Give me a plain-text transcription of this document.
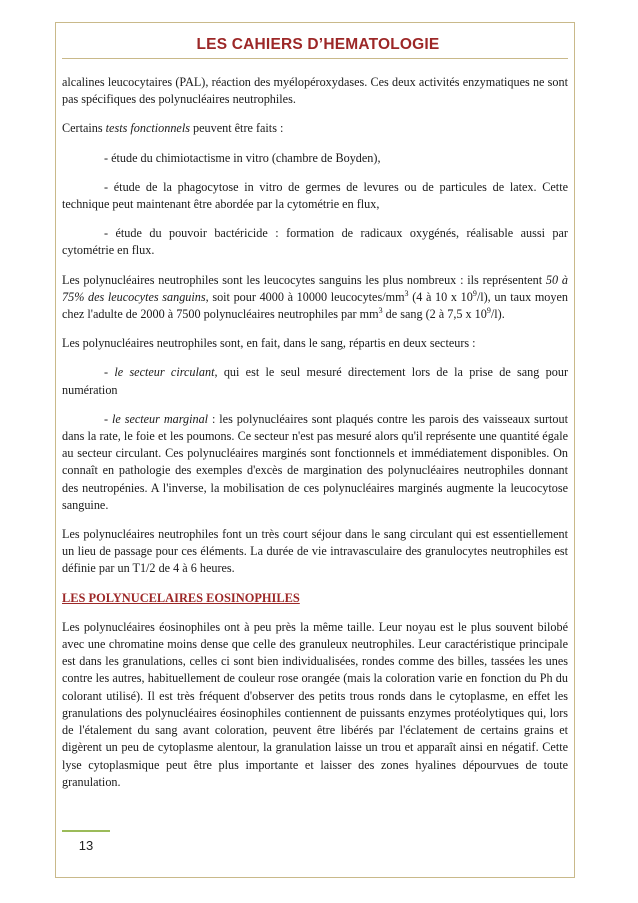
LES CAHIERS D’HEMATOLOGIE

alcalines leucocytaires (PAL), réaction des myélopéroxydases. Ces deux activités enzymatiques ne sont pas spécifiques des polynucléaires neutrophiles.

Certains tests fonctionnels peuvent être faits :

- étude du chimiotactisme in vitro (chambre de Boyden),

- étude de la phagocytose in vitro de germes de levures ou de particules de latex. Cette technique peut maintenant être abordée par la cytométrie en flux,

- étude du pouvoir bactéricide : formation de radicaux oxygénés, réalisable aussi par cytométrie en flux.

Les polynucléaires neutrophiles sont les leucocytes sanguins les plus nombreux : ils représentent 50 à 75% des leucocytes sanguins, soit pour 4000 à 10000 leucocytes/$mm^3$ (4 à 10 x $10^9/l$), un taux moyen chez l'adulte de 2000 à 7500 polynucléaires neutrophiles par $mm^3$ de sang (2 à 7,5 x $10^9/l$).

Les polynucléaires neutrophiles sont, en fait, dans le sang, répartis en deux secteurs :

- le secteur circulant, qui est le seul mesuré directement lors de la prise de sang pour numération

- le secteur marginal : les polynucléaires sont plaqués contre les parois des vaisseaux surtout dans la rate, le foie et les poumons. Ce secteur n'est pas mesuré alors qu'il représente une quantité égale au secteur circulant. Ces polynucléaires marginés sont fonctionnels et immédiatement disponibles. On connaît en pathologie des exemples d'excès de margination des polynucléaires neutrophiles donnant des neutropénies. A l'inverse, la mobilisation de ces polynucléaires marginés augmente la leucocytose sanguine.

Les polynucléaires neutrophiles font un très court séjour dans le sang circulant qui est essentiellement un lieu de passage pour ces éléments. La durée de vie intravasculaire des granulocytes neutrophiles est définie par un T1/2 de 4 à 6 heures.

LES POLYNUCELAIRES EOSINOPHILES

Les polynucléaires éosinophiles ont à peu près la même taille. Leur noyau est le plus souvent bilobé avec une chromatine moins dense que celle des granuleux neutrophiles. Leur caractéristique principale est dans les granulations, celles ci sont bien individualisées, rondes comme des billes, tassées les unes contre les autres, habituellement de couleur rose orangée (mais la coloration varie en fonction du Ph du colorant utilisé). Il est très fréquent d'observer des petits trous ronds dans le cytoplasme, en effet les granulations des polynucléaires éosinophiles contiennent de puissants enzymes protéolytiques qui, lors de l'étalement du sang avant coloration, peuvent être libérés par l'éclatement de certains grains et digèrent un peu de cytoplasme alentour, la granulation laisse un trou et apparaît ainsi en négatif. Cette lyse cytoplasmique peut être plus importante et laisser des zones hyalines dépourvues de toute granulation.

13
